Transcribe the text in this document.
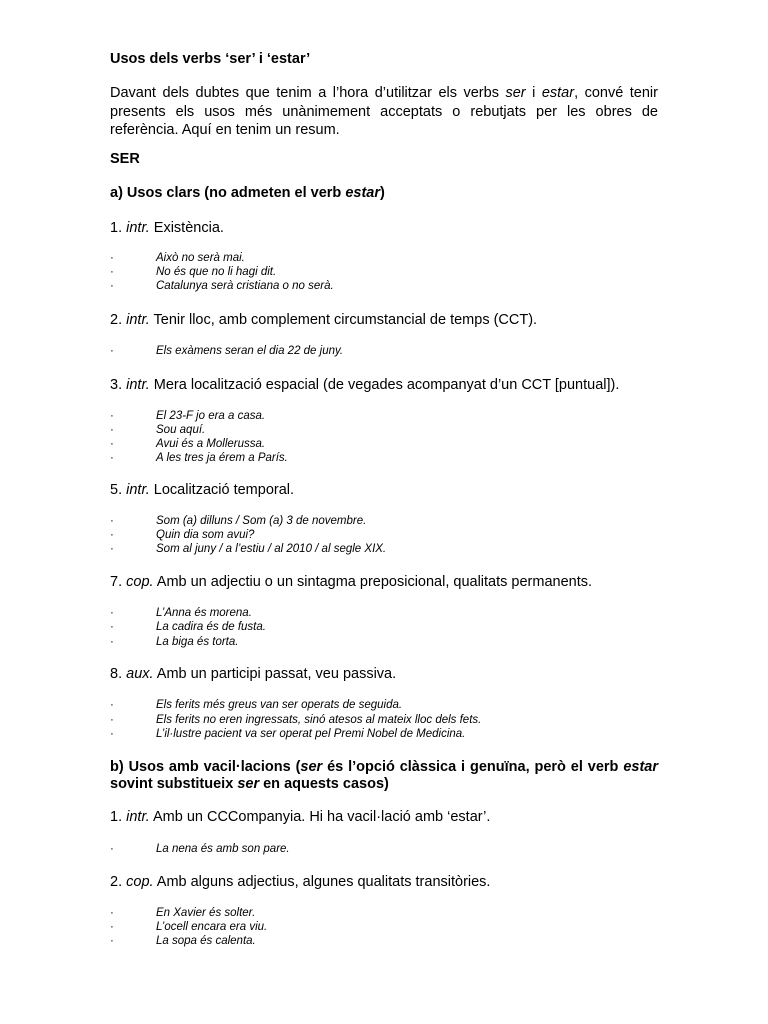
Usos dels verbs ‘ser’ i ‘estar’
Davant dels dubtes que tenim a l’hora d’utilitzar els verbs ser i estar, convé tenir presents els usos més unànimement acceptats o rebutjats per les obres de referència. Aquí en tenim un resum.
SER
a) Usos clars (no admeten el verb estar)
1. intr. Existència.
·	Això no serà mai.
·	No és que no li hagi dit.
·	Catalunya serà cristiana o no serà.
2. intr. Tenir lloc, amb complement circumstancial de temps (CCT).
·	Els exàmens seran el dia 22 de juny.
3. intr. Mera localització espacial (de vegades acompanyat d’un CCT [puntual]).
·	El 23-F jo era a casa.
·	Sou aquí.
·	Avui és a Mollerussa.
·	A les tres ja érem a París.
5. intr. Localització temporal.
·	Som (a) dilluns / Som (a) 3 de novembre.
·	Quin dia som avui?
·	Som al juny / a l’estiu / al 2010 / al segle XIX.
7. cop. Amb un adjectiu o un sintagma preposicional, qualitats permanents.
·	L’Anna és morena.
·	La cadira és de fusta.
·	La biga és torta.
8. aux. Amb un participi passat, veu passiva.
·	Els ferits més greus van ser operats de seguida.
·	Els ferits no eren ingressats, sinó atesos al mateix lloc dels fets.
·	L’il·lustre pacient va ser operat pel Premi Nobel de Medicina.
b) Usos amb vacil·lacions (ser és l’opció clàssica i genuïna, però el verb estar sovint substitueix ser en aquests casos)
1. intr. Amb un CCCompanyia. Hi ha vacil·lació amb ‘estar’.
·	La nena és amb son pare.
2. cop. Amb alguns adjectius, algunes qualitats transitòries.
·	En Xavier és solter.
·	L’ocell encara era viu.
·	La sopa és calenta.
